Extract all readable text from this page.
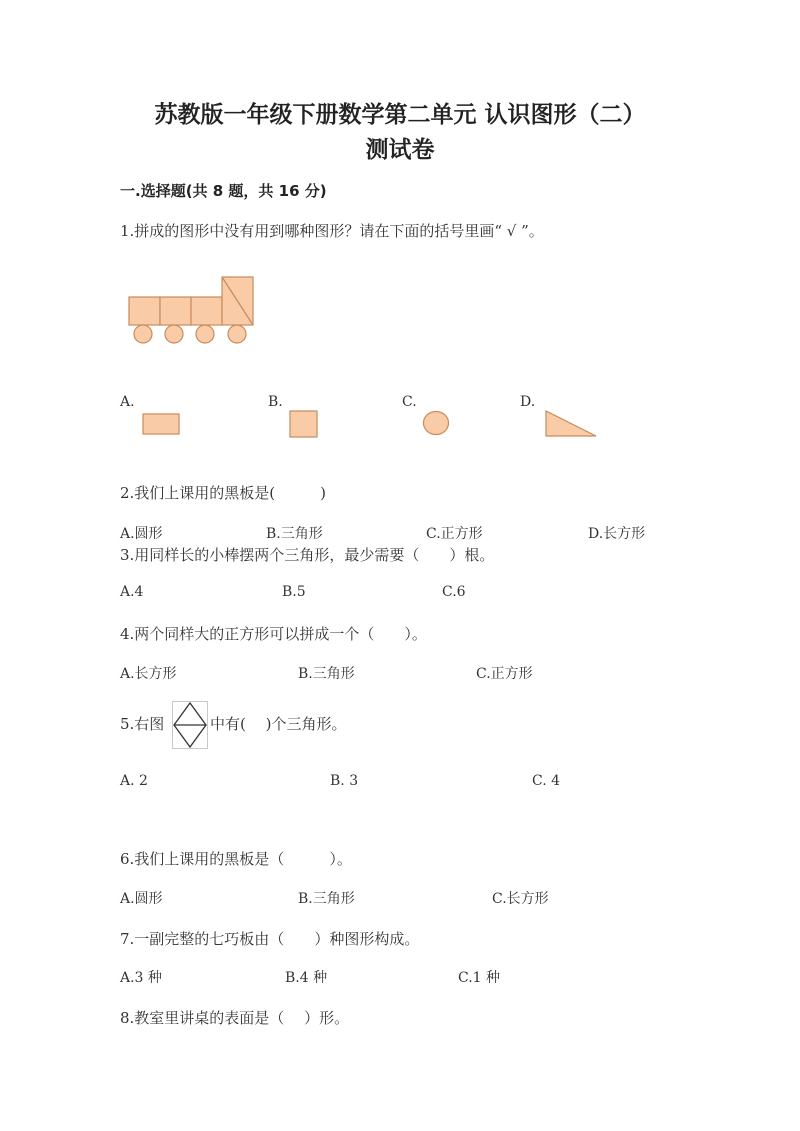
苏教版一年级下册数学第二单元 认识图形（二）
测试卷
一.选择题(共 8 题，共 16 分)
1.拼成的图形中没有用到哪种图形？请在下面的括号里画“ √ ”。
A.	B.	C.	D.
2.我们上课用的黑板是(　　　)
A.圆形	B.三角形	C.正方形	D.长方形
3.用同样长的小棒摆两个三角形，最少需要（　　）根。
A.4	B.5	C.6
4.两个同样大的正方形可以拼成一个（　　）。
A.长方形	B.三角形	C.正方形
5.右图	中有(　 )个三角形。
A. 2	B. 3	C. 4
6.我们上课用的黑板是（　　　）。
A.圆形	B.三角形	C.长方形
7.一副完整的七巧板由（　　）种图形构成。
A.3 种	B.4 种	C.1 种
8.教室里讲桌的表面是（　 ）形。
